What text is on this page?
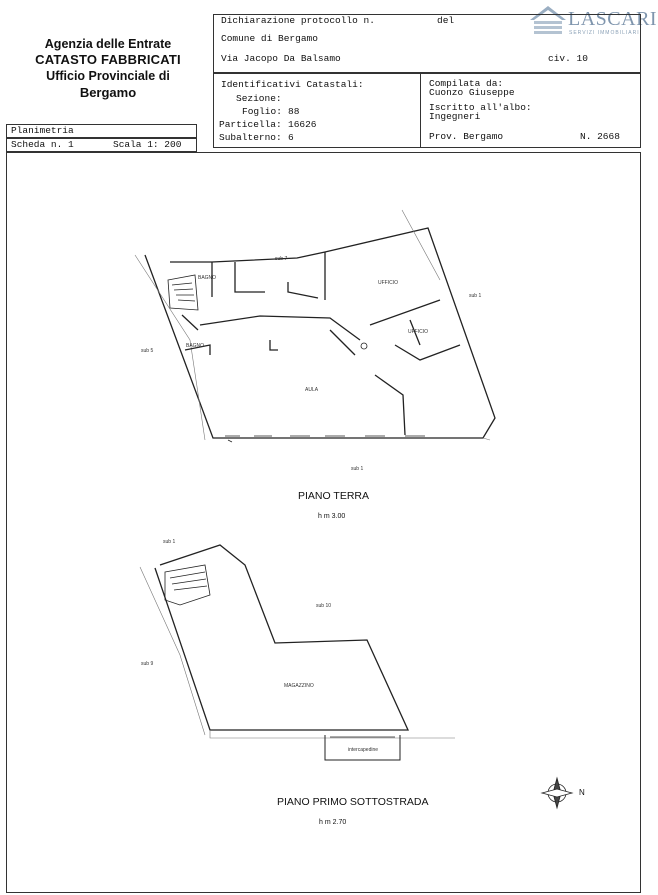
Agenzia delle Entrate
CATASTO FABBRICATI
Ufficio Provinciale di
Bergamo
LASCARI
SERVIZI IMMOBILIARI
Dichiarazione protocollo n.	del
Comune di Bergamo
Via Jacopo Da Balsamo	civ. 10
Identificativi Catastali:
Sezione:
Foglio: 88
Particella: 16626
Subalterno: 6
Compilata da:
Cuonzo Giuseppe
Iscritto all'albo:
Ingegneri
Prov. Bergamo	N. 2668
Planimetria
Scheda n. 1	Scala 1: 200
BAGNO
BAGNO
UFFICIO
UFFICIO
AULA
sub 7
sub 1
sub 5
sub 1
sub 1
sub 10
sub 9
MAGAZZINO
intercapedine
PIANO TERRA
h m 3.00
PIANO PRIMO SOTTOSTRADA
h m 2.70
N
